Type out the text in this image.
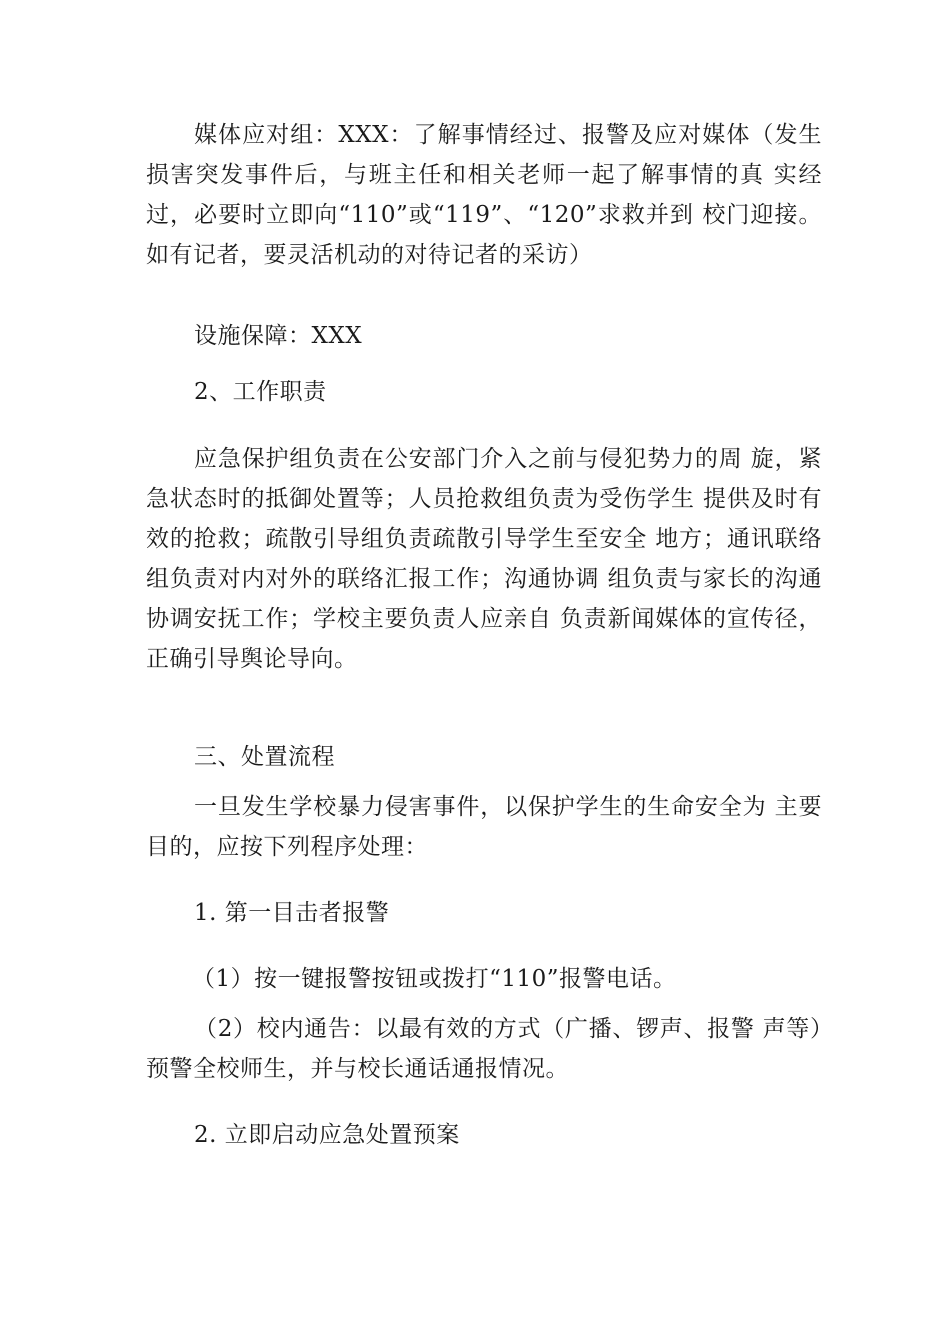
媒体应对组：XXX：了解事情经过、报警及应对媒体（发生损害突发事件后，与班主任和相关老师一起了解事情的真 实经过，必要时立即向“110”或“119”、“120”求救并到 校门迎接。如有记者，要灵活机动的对待记者的采访）

设施保障：XXX

2、工作职责

应急保护组负责在公安部门介入之前与侵犯势力的周 旋，紧急状态时的抵御处置等；人员抢救组负责为受伤学生 提供及时有效的抢救；疏散引导组负责疏散引导学生至安全 地方；通讯联络组负责对内对外的联络汇报工作；沟通协调 组负责与家长的沟通协调安抚工作；学校主要负责人应亲自 负责新闻媒体的宣传径，正确引导舆论导向。

三、处置流程

一旦发生学校暴力侵害事件，以保护学生的生命安全为 主要目的，应按下列程序处理：

1. 第一目击者报警

（1）按一键报警按钮或拨打“110”报警电话。

（2）校内通告：以最有效的方式（广播、锣声、报警 声等）预警全校师生，并与校长通话通报情况。

2. 立即启动应急处置预案
